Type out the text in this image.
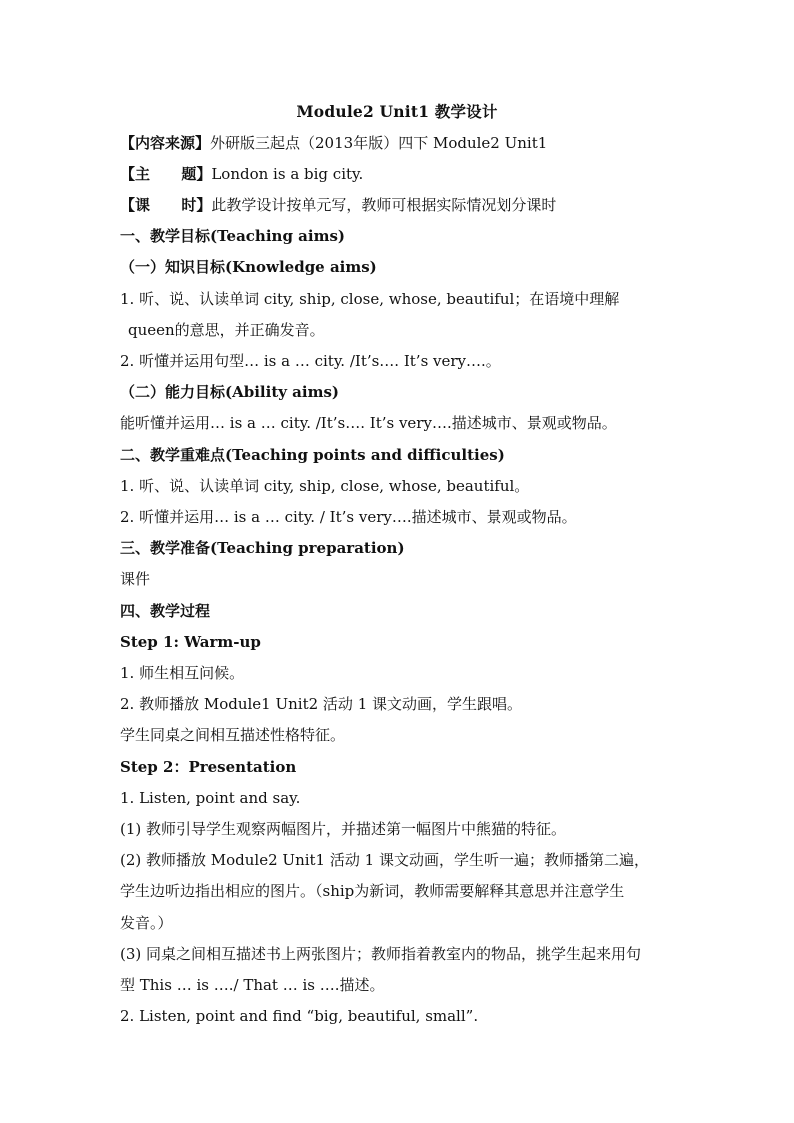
Module2 Unit1 教学设计
【内容来源】外研版三起点（2013年版）四下 Module2 Unit1
【主      题】London is a big city.
【课      时】此教学设计按单元写，教师可根据实际情况划分课时
一、教学目标(Teaching aims)
（一）知识目标(Knowledge aims)
1. 听、说、认读单词 city, ship, close, whose, beautiful；在语境中理解
queen的意思，并正确发音。
2. 听懂并运用句型… is a … city. /It’s…. It’s very….。
（二）能力目标(Ability aims)
能听懂并运用… is a … city. /It’s…. It’s very….描述城市、景观或物品。
二、教学重难点(Teaching points and difficulties)
1. 听、说、认读单词 city, ship, close, whose, beautiful。
2. 听懂并运用… is a … city. / It’s very….描述城市、景观或物品。
三、教学准备(Teaching preparation)
课件
四、教学过程
Step 1: Warm-up
1. 师生相互问候。
2. 教师播放 Module1 Unit2 活动 1 课文动画，学生跟唱。
学生同桌之间相互描述性格特征。
Step 2：Presentation
1. Listen, point and say.
(1) 教师引导学生观察两幅图片，并描述第一幅图片中熊猫的特征。
(2) 教师播放 Module2 Unit1 活动 1 课文动画，学生听一遍；教师播第二遍，
学生边听边指出相应的图片。（ship为新词，教师需要解释其意思并注意学生
发音。）
(3) 同桌之间相互描述书上两张图片；教师指着教室内的物品，挑学生起来用句
型 This … is …./ That … is ….描述。
2. Listen, point and find “big, beautiful, small”.
